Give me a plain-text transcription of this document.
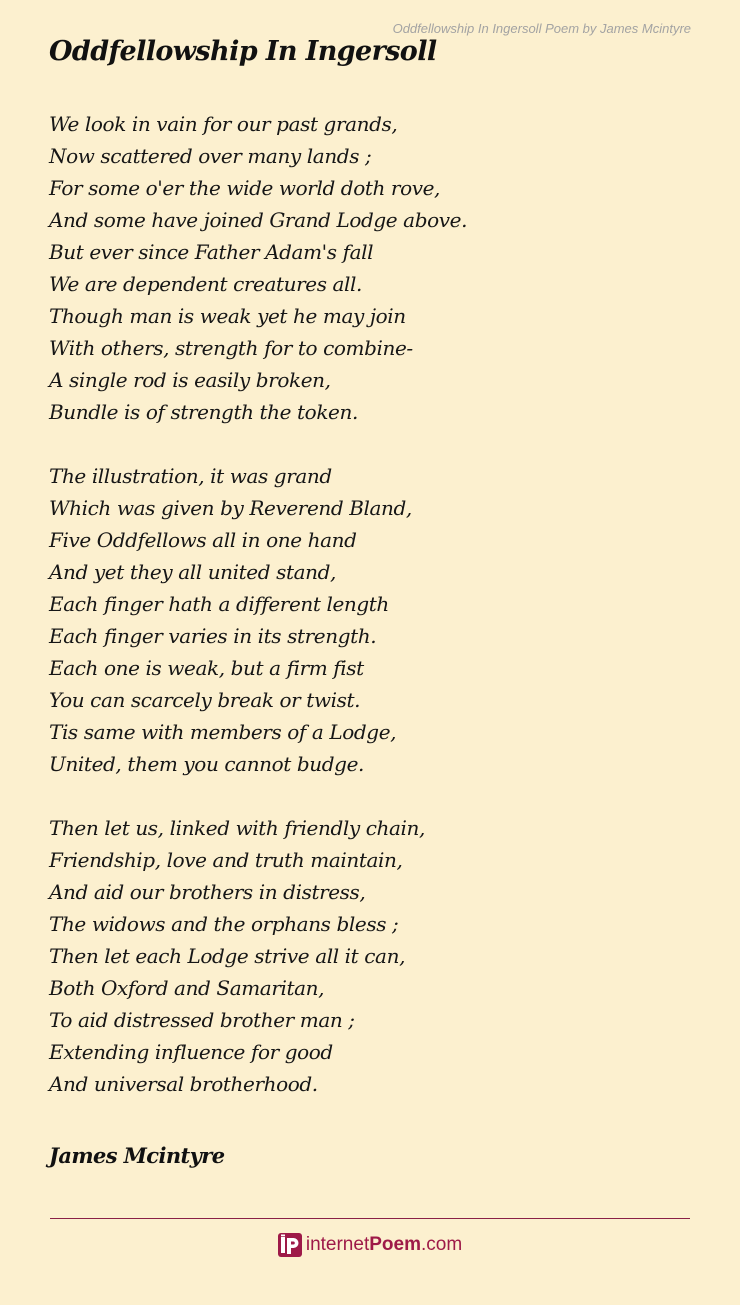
Oddfellowship In Ingersoll Poem by James Mcintyre
Oddfellowship In Ingersoll
We look in vain for our past grands,
Now scattered over many lands ;
For some o'er the wide world doth rove,
And some have joined Grand Lodge above.
But ever since Father Adam's fall
We are dependent creatures all.
Though man is weak yet he may join
With others, strength for to combine-
A single rod is easily broken,
Bundle is of strength the token.
The illustration, it was grand
Which was given by Reverend Bland,
Five Oddfellows all in one hand
And yet they all united stand,
Each finger hath a different length
Each finger varies in its strength.
Each one is weak, but a firm fist
You can scarcely break or twist.
Tis same with members of a Lodge,
United, them you cannot budge.
Then let us, linked with friendly chain,
Friendship, love and truth maintain,
And aid our brothers in distress,
The widows and the orphans bless ;
Then let each Lodge strive all it can,
Both Oxford and Samaritan,
To aid distressed brother man ;
Extending influence for good
And universal brotherhood.
James Mcintyre
internetPoem.com
